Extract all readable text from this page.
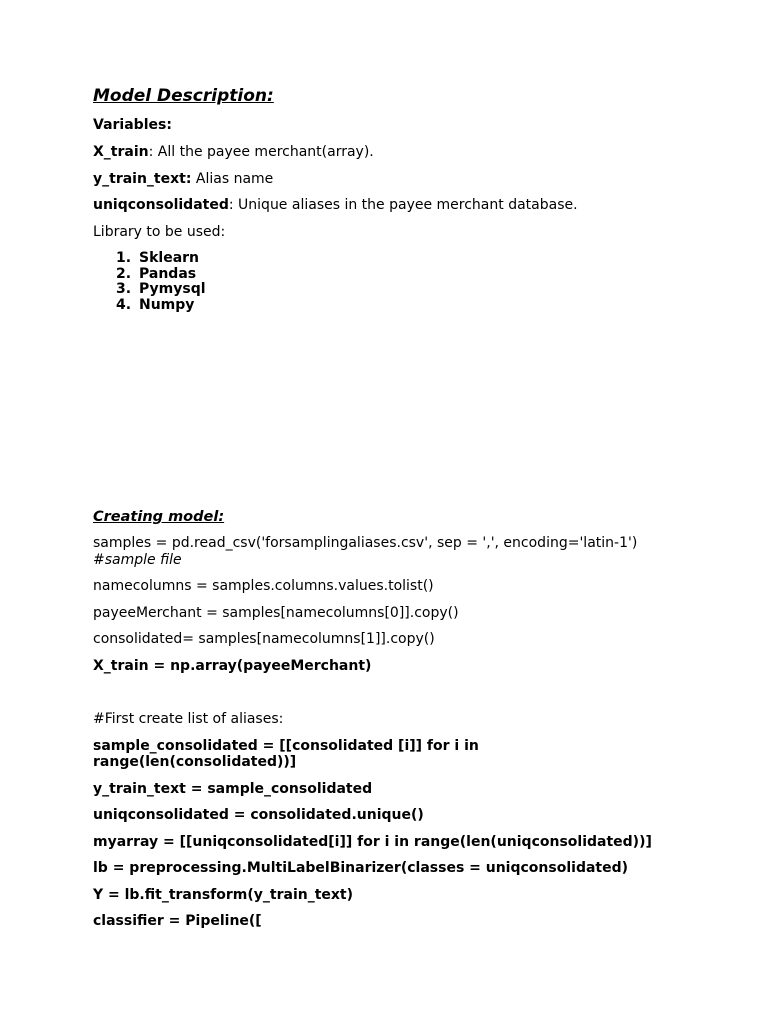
Model Description:
Variables:
X_train: All the payee merchant(array).
y_train_text: Alias name
uniqconsolidated: Unique aliases in the payee merchant database.
Library to be used:
1. Sklearn
2. Pandas
3. Pymysql
4. Numpy
Creating model:
samples = pd.read_csv('forsamplingaliases.csv', sep = ',', encoding='latin-1')
#sample file
namecolumns = samples.columns.values.tolist()
payeeMerchant = samples[namecolumns[0]].copy()
consolidated= samples[namecolumns[1]].copy()
X_train = np.array(payeeMerchant)
#First create list of aliases:
sample_consolidated = [[consolidated [i]] for i in
range(len(consolidated))]
y_train_text = sample_consolidated
uniqconsolidated = consolidated.unique()
myarray = [[uniqconsolidated[i]] for i in range(len(uniqconsolidated))]
lb = preprocessing.MultiLabelBinarizer(classes = uniqconsolidated)
Y = lb.fit_transform(y_train_text)
classifier = Pipeline([
